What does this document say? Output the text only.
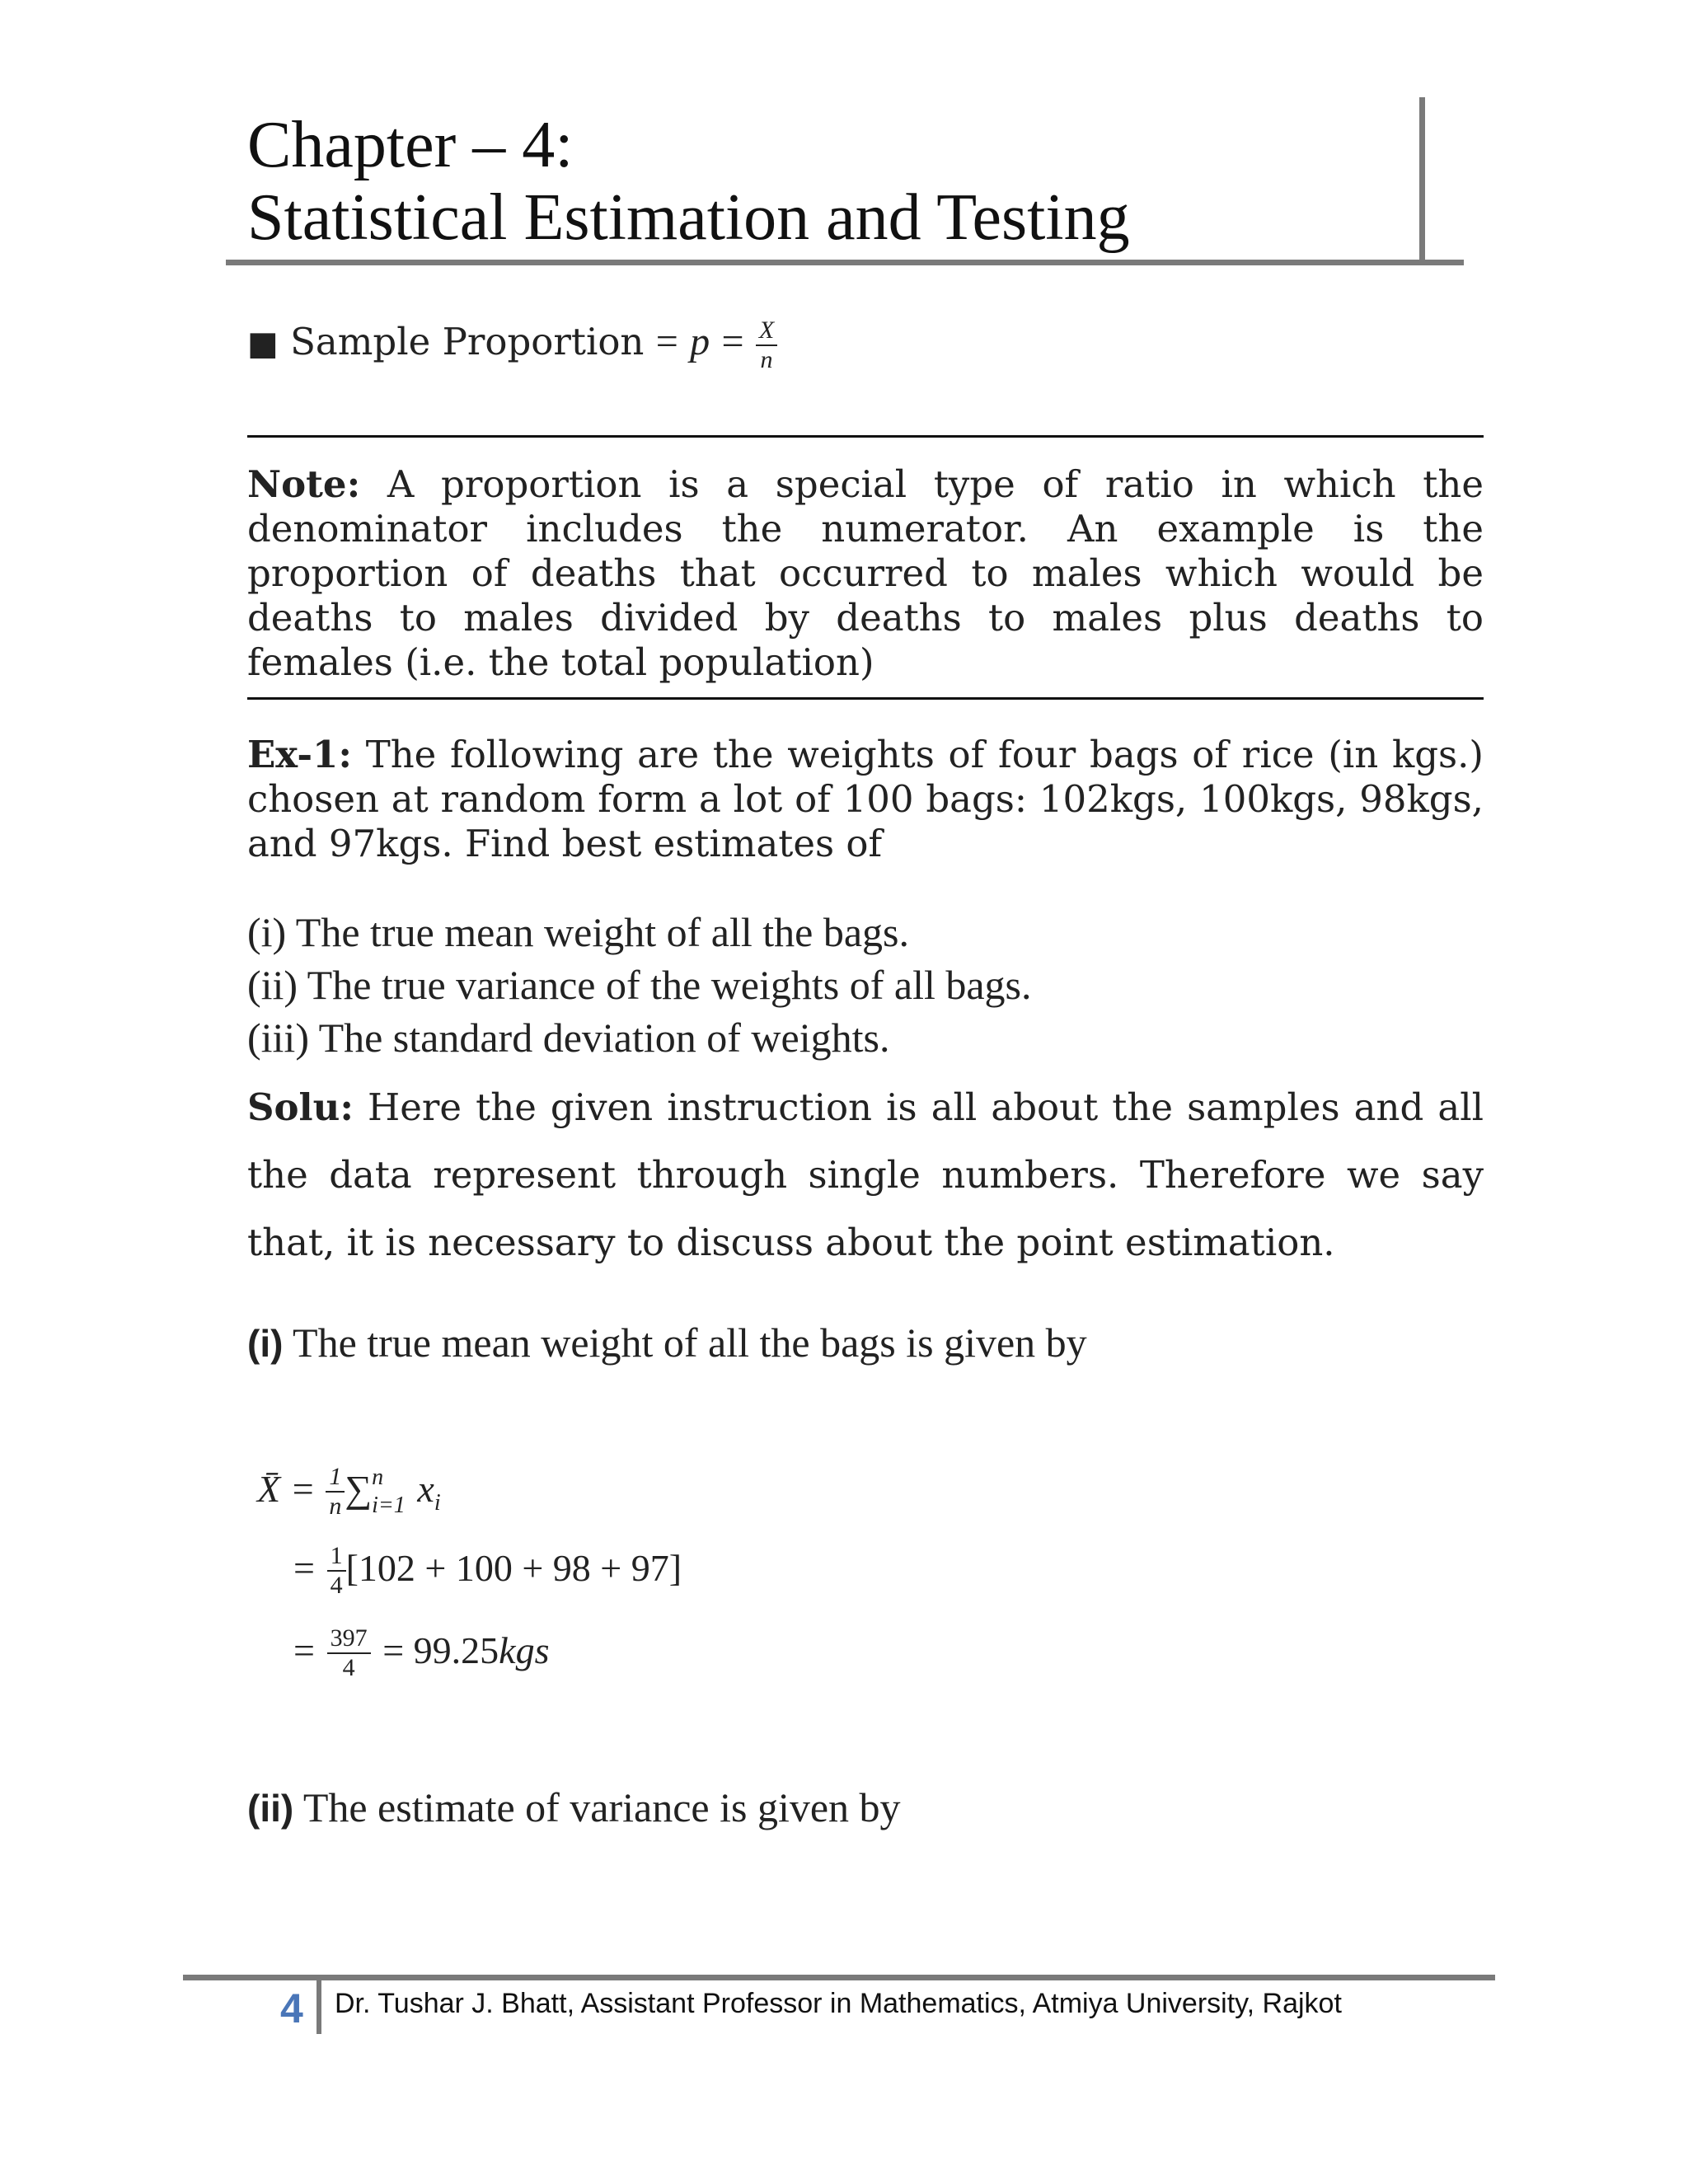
Chapter – 4:
Statistical Estimation and Testing
■ Sample Proportion = $p = \frac{X}{n}$
Note: A proportion is a special type of ratio in which the
denominator includes the numerator. An example is the
proportion of deaths that occurred to males which would be
deaths to males divided by deaths to males plus deaths to
females (i.e. the total population)
Ex-1: The following are the weights of four bags of rice (in kgs.)
chosen at random form a lot of 100 bags: 102kgs, 100kgs, 98kgs,
and 97kgs. Find best estimates of
(i) The true mean weight of all the bags.
(ii) The true variance of the weights of all bags.
(iii) The standard deviation of weights.
Solu: Here the given instruction is all about the samples and all
the data represent through single numbers. Therefore we say
that, it is necessary to discuss about the point estimation.
(i) The true mean weight of all the bags is given by
X̄ = $\frac{1}{n}$ ∑ n
i=1 $x_i$
= $\frac{1}{4} [102 + 100 + 98 + 97]$
= $\frac{397}{4} = 99.25kgs$
(ii) The estimate of variance is given by
4 Dr. Tushar J. Bhatt, Assistant Professor in Mathematics, Atmiya University, Rajkot
